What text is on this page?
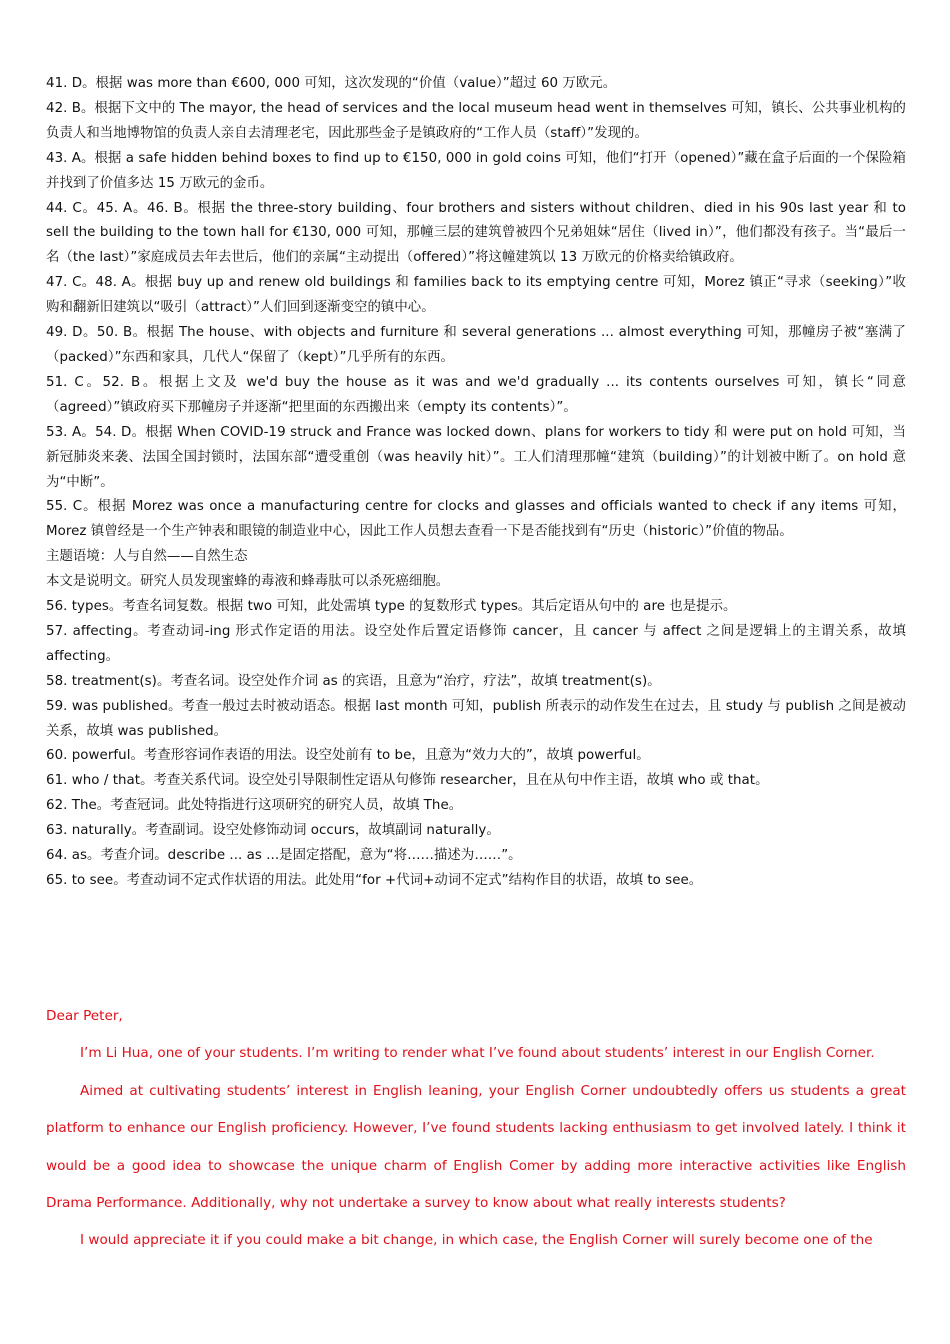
41. D。根据 was more than €600, 000 可知，这次发现的“价值（value）”超过 60 万欧元。
42. B。根据下文中的 The mayor, the head of services and the local museum head went in themselves 可知，镇长、公共事业机构的负责人和当地博物馆的负责人亲自去清理老宅，因此那些金子是镇政府的“工作人员（staff）”发现的。
43. A。根据 a safe hidden behind boxes to find up to €150, 000 in gold coins 可知，他们“打开（opened）”藏在盒子后面的一个保险箱并找到了价值多达 15 万欧元的金币。
44. C。45. A。46. B。根据 the three-story building、four brothers and sisters without children、died in his 90s last year 和 to sell the building to the town hall for €130, 000 可知，那幢三层的建筑曾被四个兄弟姐妹“居住（lived in）”，他们都没有孩子。当“最后一名（the last）”家庭成员去年去世后，他们的亲属“主动提出（offered）”将这幢建筑以 13 万欧元的价格卖给镇政府。
47. C。48. A。根据 buy up and renew old buildings 和 families back to its emptying centre 可知，Morez 镇正“寻求（seeking）”收购和翻新旧建筑以“吸引（attract）”人们回到逐渐变空的镇中心。
49. D。50. B。根据 The house、with objects and furniture 和 several generations ... almost everything 可知，那幢房子被“塞满了（packed）”东西和家具，几代人“保留了（kept）”几乎所有的东西。
51. C。52. B。根据上文及 we'd buy the house as it was and we'd gradually ... its contents ourselves 可知，镇长“同意（agreed）”镇政府买下那幢房子并逐渐“把里面的东西搬出来（empty its contents）”。
53. A。54. D。根据 When COVID-19 struck and France was locked down、plans for workers to tidy 和 were put on hold 可知，当新冠肺炎来袭、法国全国封锁时，法国东部“遭受重创（was heavily hit）”。工人们清理那幢“建筑（building）”的计划被中断了。on hold 意为“中断”。
55. C。根据 Morez was once a manufacturing centre for clocks and glasses and officials wanted to check if any items 可知，Morez 镇曾经是一个生产钟表和眼镜的制造业中心，因此工作人员想去查看一下是否能找到有“历史（historic）”价值的物品。
主题语境：人与自然——自然生态
本文是说明文。研究人员发现蜜蜂的毒液和蜂毒肽可以杀死癌细胞。
56. types。考查名词复数。根据 two 可知，此处需填 type 的复数形式 types。其后定语从句中的 are 也是提示。
57. affecting。考查动词-ing 形式作定语的用法。设空处作后置定语修饰 cancer，且 cancer 与 affect 之间是逻辑上的主谓关系，故填 affecting。
58. treatment(s)。考查名词。设空处作介词 as 的宾语，且意为“治疗，疗法”，故填 treatment(s)。
59. was published。考查一般过去时被动语态。根据 last month 可知，publish 所表示的动作发生在过去，且 study 与 publish 之间是被动关系，故填 was published。
60. powerful。考查形容词作表语的用法。设空处前有 to be，且意为“效力大的”，故填 powerful。
61. who / that。考查关系代词。设空处引导限制性定语从句修饰 researcher，且在从句中作主语，故填 who 或 that。
62. The。考查冠词。此处特指进行这项研究的研究人员，故填 The。
63. naturally。考查副词。设空处修饰动词 occurs，故填副词 naturally。
64. as。考查介词。describe ... as ...是固定搭配，意为“将……描述为……”。
65. to see。考查动词不定式作状语的用法。此处用“for +代词+动词不定式”结构作目的状语，故填 to see。
Dear Peter,
I’m Li Hua, one of your students. I’m writing to render what I’ve found about students’ interest in our English Corner.
Aimed at cultivating students’ interest in English leaning, your English Corner undoubtedly offers us students a great platform to enhance our English proficiency. However, I’ve found students lacking enthusiasm to get involved lately. I think it would be a good idea to showcase the unique charm of English Comer by adding more interactive activities like English Drama Performance. Additionally, why not undertake a survey to know about what really interests students?
I would appreciate it if you could make a bit change, in which case, the English Corner will surely become one of the
